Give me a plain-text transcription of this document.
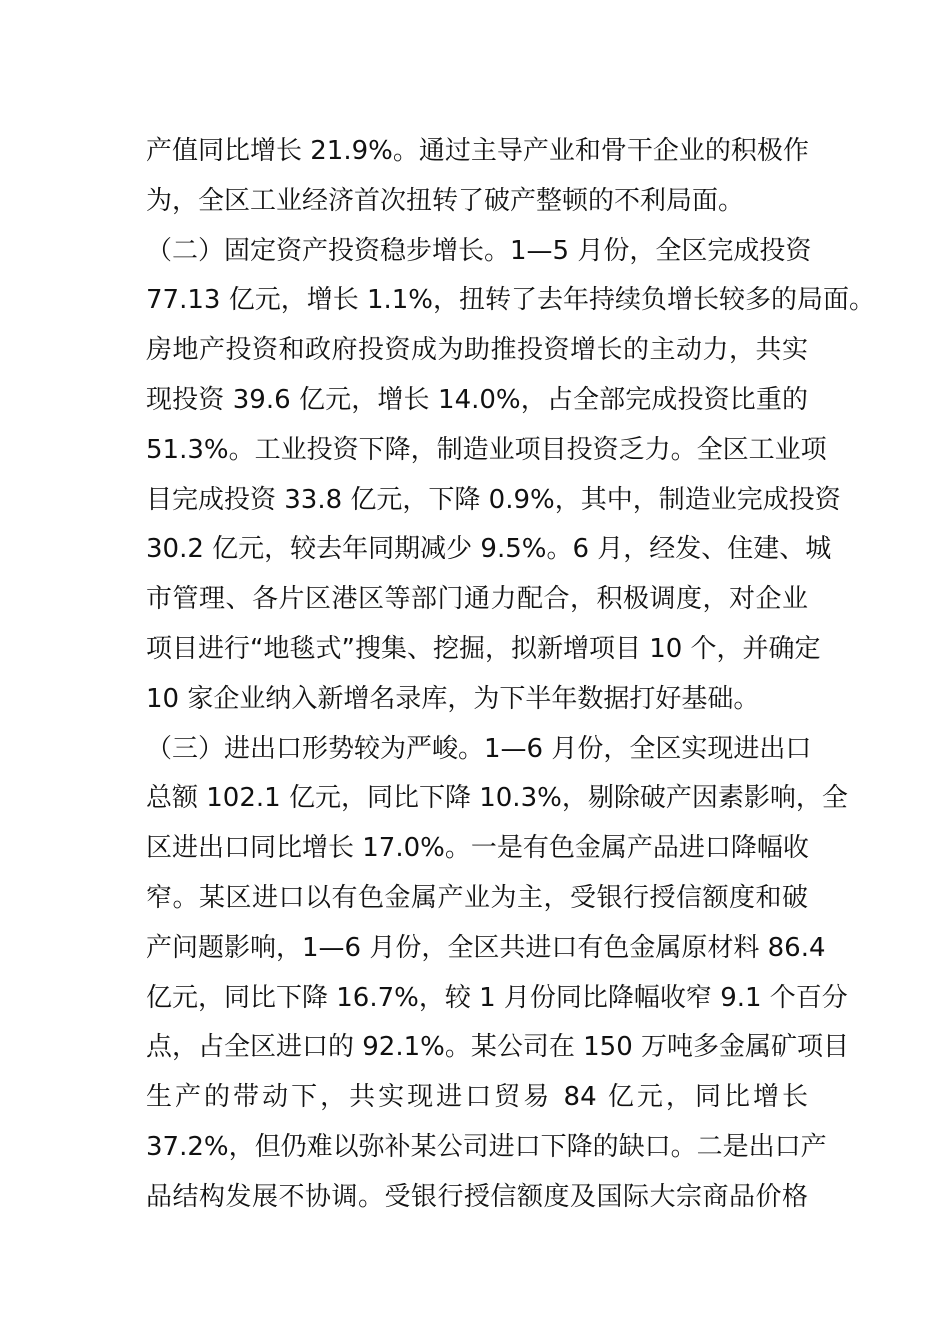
产值同比增长 21.9%。通过主导产业和骨干企业的积极作
为，全区工业经济首次扭转了破产整顿的不利局面。
（二）固定资产投资稳步增长。1—5 月份，全区完成投资
77.13 亿元，增长 1.1%，扭转了去年持续负增长较多的局面。
房地产投资和政府投资成为助推投资增长的主动力，共实
现投资 39.6 亿元，增长 14.0%，占全部完成投资比重的
51.3%。工业投资下降，制造业项目投资乏力。全区工业项
目完成投资 33.8 亿元，下降 0.9%，其中，制造业完成投资
30.2 亿元，较去年同期减少 9.5%。6 月，经发、住建、城
市管理、各片区港区等部门通力配合，积极调度，对企业
项目进行“地毯式”搜集、挖掘，拟新增项目 10 个，并确定
10 家企业纳入新增名录库，为下半年数据打好基础。
（三）进出口形势较为严峻。1—6 月份，全区实现进出口
总额 102.1 亿元，同比下降 10.3%，剔除破产因素影响，全
区进出口同比增长 17.0%。一是有色金属产品进口降幅收
窄。某区进口以有色金属产业为主，受银行授信额度和破
产问题影响，1—6 月份，全区共进口有色金属原材料 86.4
亿元，同比下降 16.7%，较 1 月份同比降幅收窄 9.1 个百分
点，占全区进口的 92.1%。某公司在 150 万吨多金属矿项目
生产的带动下，共实现进口贸易 84 亿元，同比增长
37.2%，但仍难以弥补某公司进口下降的缺口。二是出口产
品结构发展不协调。受银行授信额度及国际大宗商品价格
